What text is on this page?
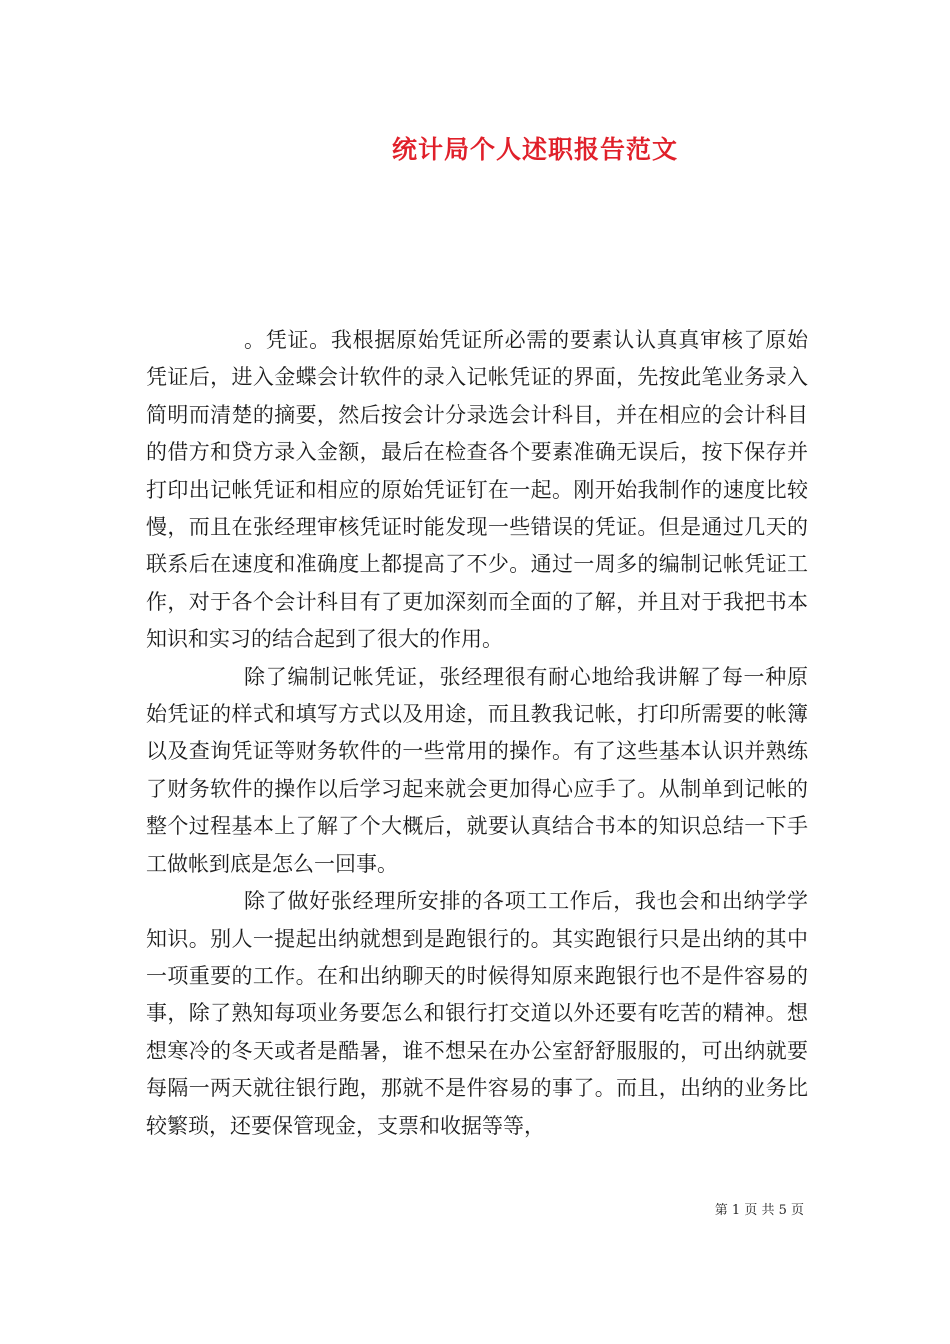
统计局个人述职报告范文

。凭证。我根据原始凭证所必需的要素认认真真审核了原始凭证后，进入金蝶会计软件的录入记帐凭证的界面，先按此笔业务录入简明而清楚的摘要，然后按会计分录选会计科目，并在相应的会计科目的借方和贷方录入金额，最后在检查各个要素准确无误后，按下保存并打印出记帐凭证和相应的原始凭证钉在一起。刚开始我制作的速度比较慢，而且在张经理审核凭证时能发现一些错误的凭证。但是通过几天的联系后在速度和准确度上都提高了不少。通过一周多的编制记帐凭证工作，对于各个会计科目有了更加深刻而全面的了解，并且对于我把书本知识和实习的结合起到了很大的作用。

除了编制记帐凭证，张经理很有耐心地给我讲解了每一种原始凭证的样式和填写方式以及用途，而且教我记帐，打印所需要的帐簿以及查询凭证等财务软件的一些常用的操作。有了这些基本认识并熟练了财务软件的操作以后学习起来就会更加得心应手了。从制单到记帐的整个过程基本上了解了个大概后，就要认真结合书本的知识总结一下手工做帐到底是怎么一回事。

除了做好张经理所安排的各项工工作后，我也会和出纳学学知识。别人一提起出纳就想到是跑银行的。其实跑银行只是出纳的其中一项重要的工作。在和出纳聊天的时候得知原来跑银行也不是件容易的事，除了熟知每项业务要怎么和银行打交道以外还要有吃苦的精神。想想寒冷的冬天或者是酷暑，谁不想呆在办公室舒舒服服的，可出纳就要每隔一两天就往银行跑，那就不是件容易的事了。而且，出纳的业务比较繁琐，还要保管现金，支票和收据等等，

第 1 页 共 5 页
